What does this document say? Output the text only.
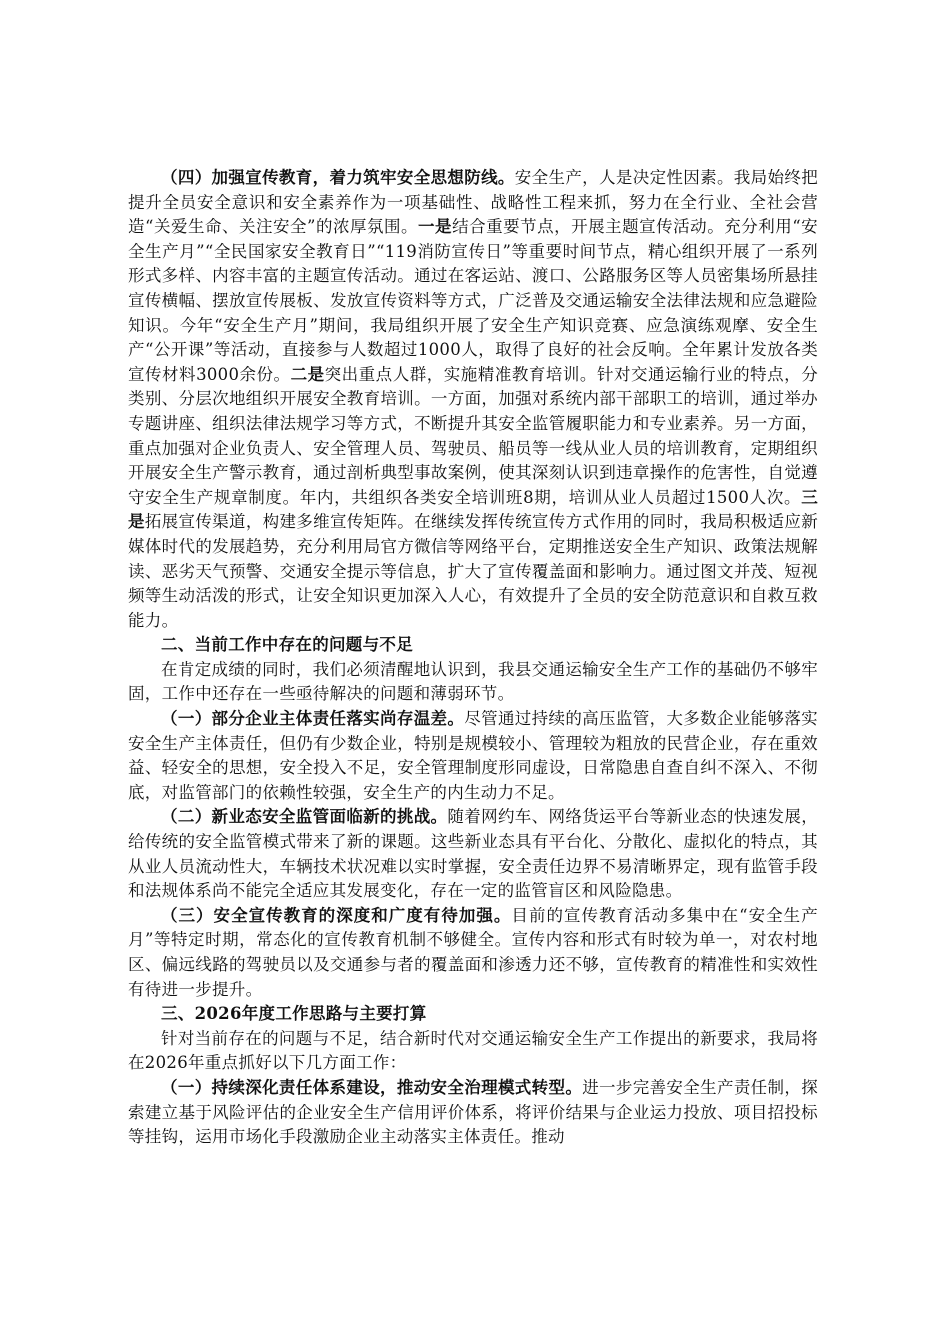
（四）加强宣传教育，着力筑牢安全思想防线。安全生产，人是决定性因素。我局始终把提升全员安全意识和安全素养作为一项基础性、战略性工程来抓，努力在全行业、全社会营造“关爱生命、关注安全”的浓厚氛围。一是结合重要节点，开展主题宣传活动。充分利用“安全生产月”“全民国家安全教育日”“119消防宣传日”等重要时间节点，精心组织开展了一系列形式多样、内容丰富的主题宣传活动。通过在客运站、渡口、公路服务区等人员密集场所悬挂宣传横幅、摆放宣传展板、发放宣传资料等方式，广泛普及交通运输安全法律法规和应急避险知识。今年“安全生产月”期间，我局组织开展了安全生产知识竞赛、应急演练观摩、安全生产“公开课”等活动，直接参与人数超过1000人，取得了良好的社会反响。全年累计发放各类宣传材料3000余份。二是突出重点人群，实施精准教育培训。针对交通运输行业的特点，分类别、分层次地组织开展安全教育培训。一方面，加强对系统内部干部职工的培训，通过举办专题讲座、组织法律法规学习等方式，不断提升其安全监管履职能力和专业素养。另一方面，重点加强对企业负责人、安全管理人员、驾驶员、船员等一线从业人员的培训教育，定期组织开展安全生产警示教育，通过剖析典型事故案例，使其深刻认识到违章操作的危害性，自觉遵守安全生产规章制度。年内，共组织各类安全培训班8期，培训从业人员超过1500人次。三是拓展宣传渠道，构建多维宣传矩阵。在继续发挥传统宣传方式作用的同时，我局积极适应新媒体时代的发展趋势，充分利用局官方微信等网络平台，定期推送安全生产知识、政策法规解读、恶劣天气预警、交通安全提示等信息，扩大了宣传覆盖面和影响力。通过图文并茂、短视频等生动活泼的形式，让安全知识更加深入人心，有效提升了全员的安全防范意识和自救互救能力。

二、当前工作中存在的问题与不足

在肯定成绩的同时，我们必须清醒地认识到，我县交通运输安全生产工作的基础仍不够牢固，工作中还存在一些亟待解决的问题和薄弱环节。

（一）部分企业主体责任落实尚存温差。尽管通过持续的高压监管，大多数企业能够落实安全生产主体责任，但仍有少数企业，特别是规模较小、管理较为粗放的民营企业，存在重效益、轻安全的思想，安全投入不足，安全管理制度形同虚设，日常隐患自查自纠不深入、不彻底，对监管部门的依赖性较强，安全生产的内生动力不足。

（二）新业态安全监管面临新的挑战。随着网约车、网络货运平台等新业态的快速发展，给传统的安全监管模式带来了新的课题。这些新业态具有平台化、分散化、虚拟化的特点，其从业人员流动性大，车辆技术状况难以实时掌握，安全责任边界不易清晰界定，现有监管手段和法规体系尚不能完全适应其发展变化，存在一定的监管盲区和风险隐患。

（三）安全宣传教育的深度和广度有待加强。目前的宣传教育活动多集中在“安全生产月”等特定时期，常态化的宣传教育机制不够健全。宣传内容和形式有时较为单一，对农村地区、偏远线路的驾驶员以及交通参与者的覆盖面和渗透力还不够，宣传教育的精准性和实效性有待进一步提升。

三、2026年度工作思路与主要打算

针对当前存在的问题与不足，结合新时代对交通运输安全生产工作提出的新要求，我局将在2026年重点抓好以下几方面工作：

（一）持续深化责任体系建设，推动安全治理模式转型。进一步完善安全生产责任制，探索建立基于风险评估的企业安全生产信用评价体系，将评价结果与企业运力投放、项目招投标等挂钩，运用市场化手段激励企业主动落实主体责任。推动
